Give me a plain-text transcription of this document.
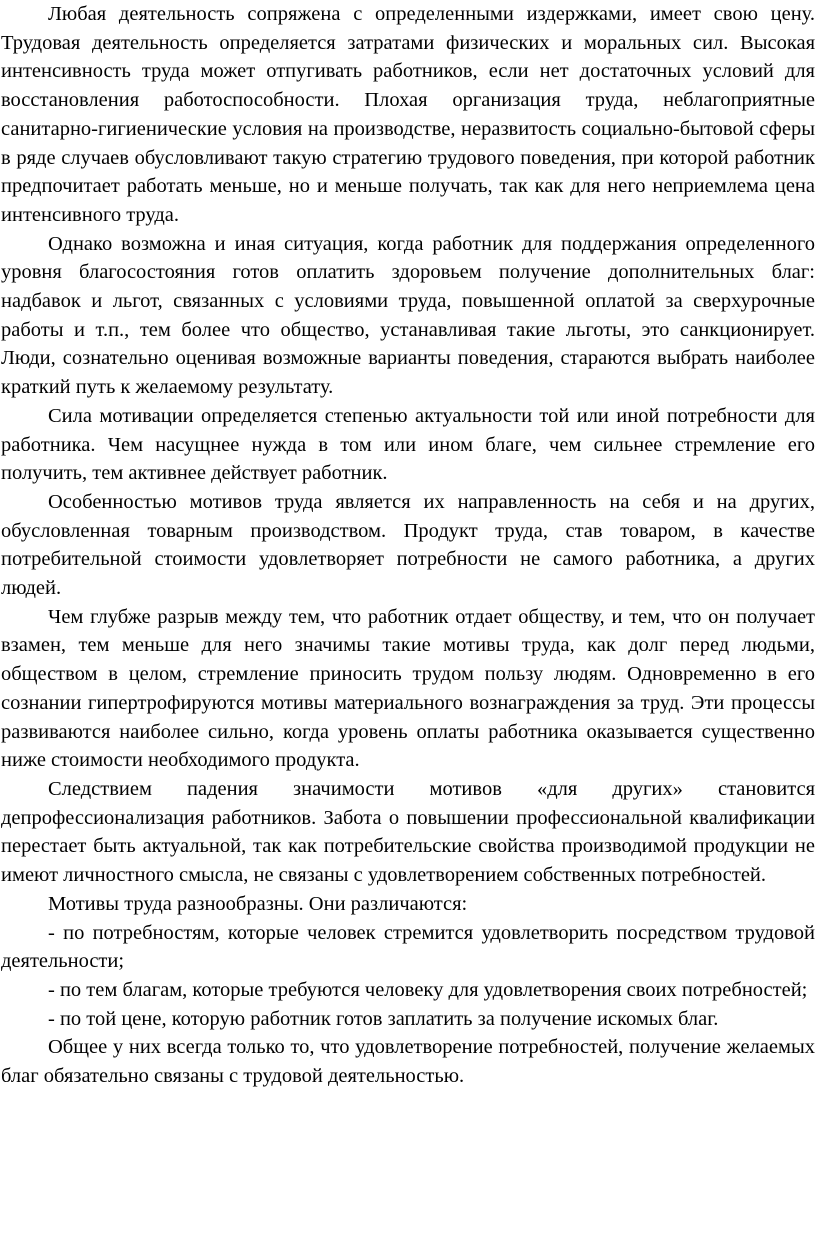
Любая деятельность сопряжена с определенными издержками, имеет свою цену. Трудовая деятельность определяется затратами физических и моральных сил. Высокая интенсивность труда может отпугивать работников, если нет достаточных условий для восстановления работоспособности. Плохая организация труда, неблагоприятные санитарно-гигиенические условия на производстве, неразвитость социально-бытовой сферы в ряде случаев обусловливают такую стратегию трудового поведения, при которой работник предпочитает работать меньше, но и меньше получать, так как для него неприемлема цена интенсивного труда.

Однако возможна и иная ситуация, когда работник для поддержания определенного уровня благосостояния готов оплатить здоровьем получение дополнительных благ: надбавок и льгот, связанных с условиями труда, повышенной оплатой за сверхурочные работы и т.п., тем более что общество, устанавливая такие льготы, это санкционирует. Люди, сознательно оценивая возможные варианты поведения, стараются выбрать наиболее краткий путь к желаемому результату.

Сила мотивации определяется степенью актуальности той или иной потребности для работника. Чем насущнее нужда в том или ином благе, чем сильнее стремление его получить, тем активнее действует работник.

Особенностью мотивов труда является их направленность на себя и на других, обусловленная товарным производством. Продукт труда, став товаром, в качестве потребительной стоимости удовлетворяет потребности не самого работника, а других людей.

Чем глубже разрыв между тем, что работник отдает обществу, и тем, что он получает взамен, тем меньше для него значимы такие мотивы труда, как долг перед людьми, обществом в целом, стремление приносить трудом пользу людям. Одновременно в его сознании гипертрофируются мотивы материального вознаграждения за труд. Эти процессы развиваются наиболее сильно, когда уровень оплаты работника оказывается существенно ниже стоимости необходимого продукта.

Следствием падения значимости мотивов «для других» становится депрофессионализация работников. Забота о повышении профессиональной квалификации перестает быть актуальной, так как потребительские свойства производимой продукции не имеют личностного смысла, не связаны с удовлетворением собственных потребностей.

Мотивы труда разнообразны. Они различаются:

- по потребностям, которые человек стремится удовлетворить посредством трудовой деятельности;

- по тем благам, которые требуются человеку для удовлетворения своих потребностей;

- по той цене, которую работник готов заплатить за получение искомых благ.

Общее у них всегда только то, что удовлетворение потребностей, получение желаемых благ обязательно связаны с трудовой деятельностью.
